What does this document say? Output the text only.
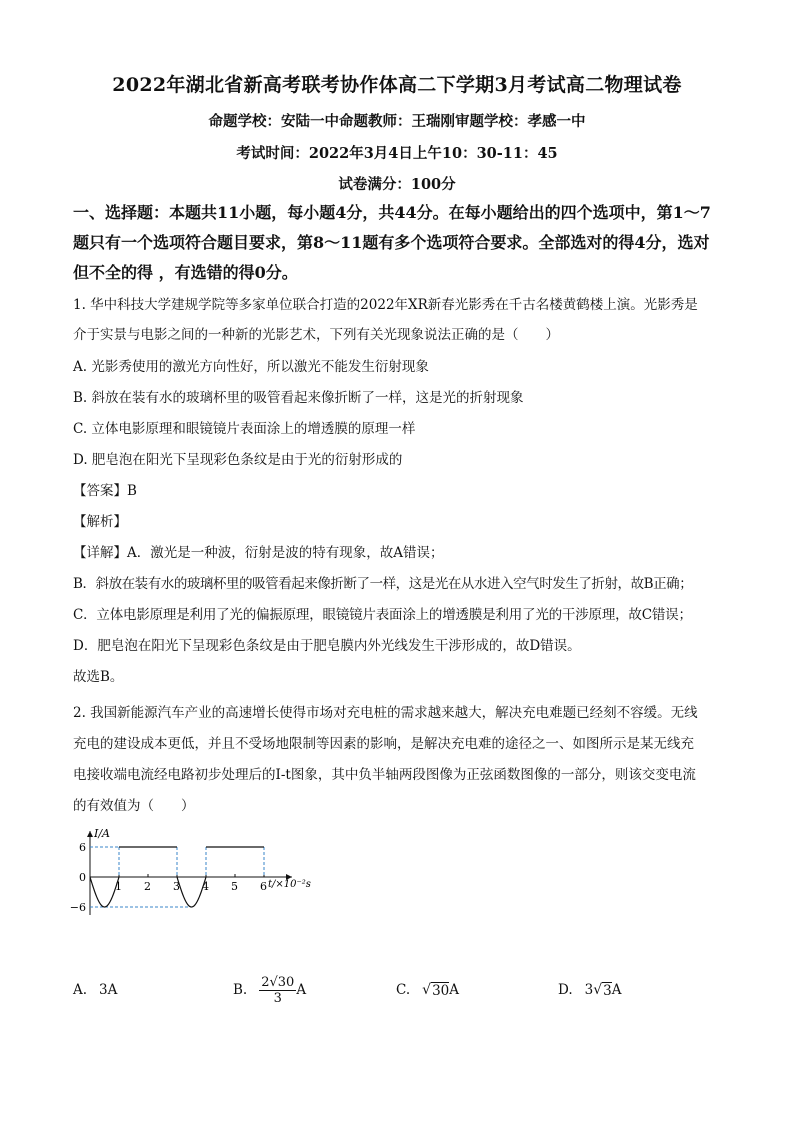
2022年湖北省新高考联考协作体高二下学期3月考试高二物理试卷
命题学校：安陆一中命题教师：王瑞刚审题学校：孝感一中
考试时间：2022年3月4日上午10：30-11：45
试卷满分：100分
一、选择题：本题共11小题，每小题4分，共44分。在每小题给出的四个选项中，第1～7
题只有一个选项符合题目要求，第8～11题有多个选项符合要求。全部选对的得4分，选对
但不全的得 ，有选错的得0分。
1. 华中科技大学建规学院等多家单位联合打造的2022年XR新春光影秀在千古名楼黄鹤楼上演。光影秀是
介于实景与电影之间的一种新的光影艺术，下列有关光现象说法正确的是（　　）
A. 光影秀使用的激光方向性好，所以激光不能发生衍射现象
B. 斜放在装有水的玻璃杯里的吸管看起来像折断了一样，这是光的折射现象
C. 立体电影原理和眼镜镜片表面涂上的增透膜的原理一样
D. 肥皂泡在阳光下呈现彩色条纹是由于光的衍射形成的
【答案】B
【解析】
【详解】A．激光是一种波，衍射是波的特有现象，故A错误；
B．斜放在装有水的玻璃杯里的吸管看起来像折断了一样，这是光在从水进入空气时发生了折射，故B正确；
C．立体电影原理是利用了光的偏振原理，眼镜镜片表面涂上的增透膜是利用了光的干涉原理，故C错误；
D．肥皂泡在阳光下呈现彩色条纹是由于肥皂膜内外光线发生干涉形成的，故D错误。
故选B。
2. 我国新能源汽车产业的高速增长使得市场对充电桩的需求越来越大，解决充电难题已经刻不容缓。无线
充电的建设成本更低，并且不受场地限制等因素的影响，是解决充电难的途径之一、如图所示是某无线充
电接收端电流经电路初步处理后的I-t图象，其中负半轴两段图像为正弦函数图像的一部分，则该交变电流
的有效值为（　　）
I/A
t/×10⁻²s
6
0
−6
1 2 3 4 5 6
A. 3A	B. $\frac{2√30}{3}$ A	C. √ 30 A	D. 3 √ 3 A
